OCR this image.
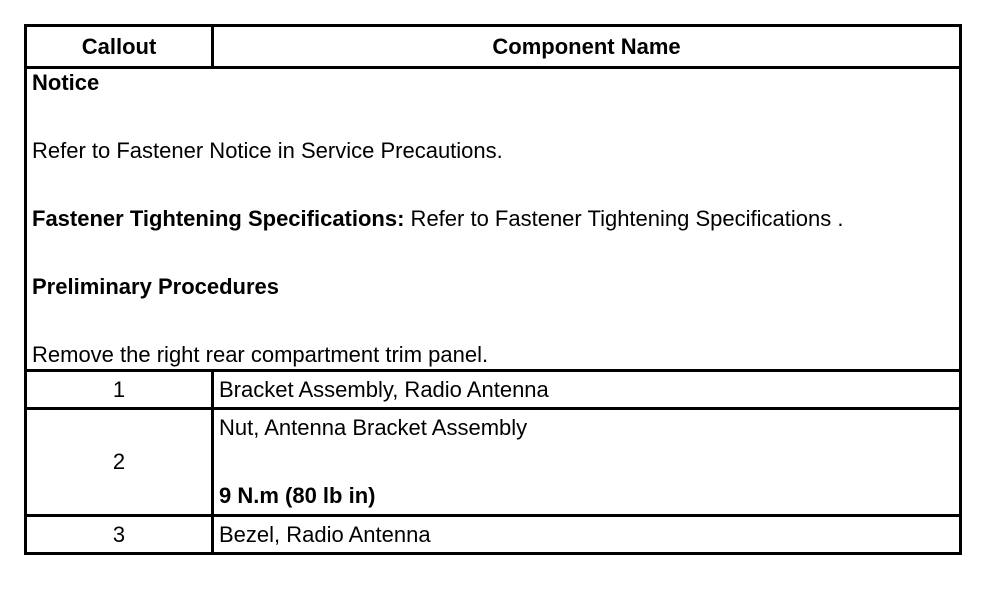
Callout	Component Name

Notice

Refer to Fastener Notice in Service Precautions.

Fastener Tightening Specifications: Refer to Fastener Tightening Specifications .

Preliminary Procedures

Remove the right rear compartment trim panel.	

1	Bracket Assembly, Radio Antenna
2	Nut, Antenna Bracket Assembly
9 N.m (80 lb in)

3	Bezel, Radio Antenna
